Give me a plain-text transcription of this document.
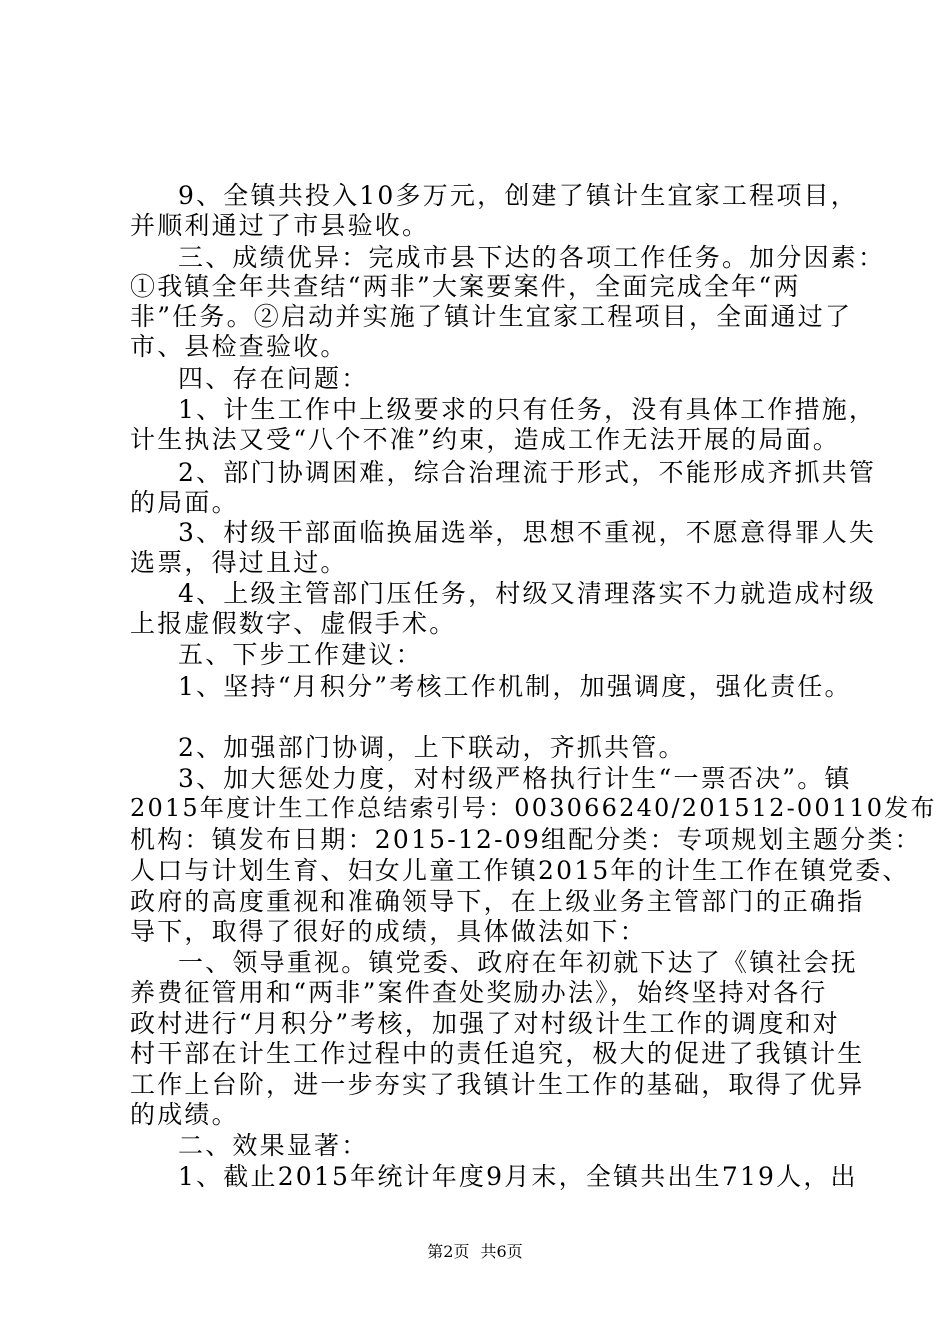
9、全镇共投入10多万元，创建了镇计生宜家工程项目，
并顺利通过了市县验收。
三、成绩优异：完成市县下达的各项工作任务。加分因素：
①我镇全年共查结“两非”大案要案件，全面完成全年“两
非”任务。②启动并实施了镇计生宜家工程项目，全面通过了
市、县检查验收。
四、存在问题：
1、计生工作中上级要求的只有任务，没有具体工作措施，
计生执法又受“八个不准”约束，造成工作无法开展的局面。
2、部门协调困难，综合治理流于形式，不能形成齐抓共管
的局面。
3、村级干部面临换届选举，思想不重视，不愿意得罪人失
选票，得过且过。
4、上级主管部门压任务，村级又清理落实不力就造成村级
上报虚假数字、虚假手术。
五、下步工作建议：
1、坚持“月积分”考核工作机制，加强调度，强化责任。
2、加强部门协调，上下联动，齐抓共管。
3、加大惩处力度，对村级严格执行计生“一票否决”。镇
2015年度计生工作总结索引号：003066240/201512-00110发布
机构：镇发布日期：2015-12-09组配分类：专项规划主题分类：
人口与计划生育、妇女儿童工作镇2015年的计生工作在镇党委、
政府的高度重视和准确领导下，在上级业务主管部门的正确指
导下，取得了很好的成绩，具体做法如下：
一、领导重视。镇党委、政府在年初就下达了《镇社会抚
养费征管用和“两非”案件查处奖励办法》，始终坚持对各行
政村进行“月积分”考核，加强了对村级计生工作的调度和对
村干部在计生工作过程中的责任追究，极大的促进了我镇计生
工作上台阶，进一步夯实了我镇计生工作的基础，取得了优异
的成绩。
二、效果显著：
1、截止2015年统计年度9月末，全镇共出生719人，出
第2页 共6页
